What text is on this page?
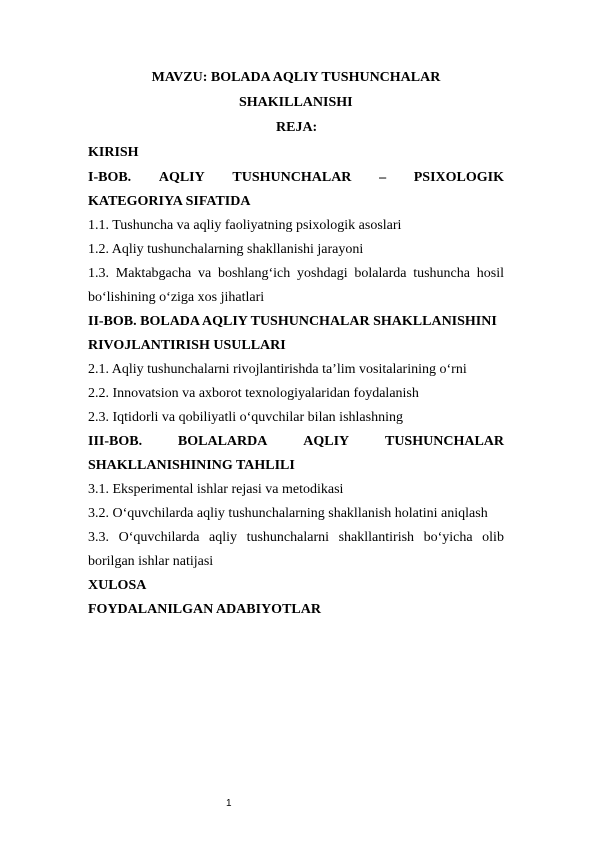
MAVZU: BOLADA AQLIY TUSHUNCHALAR
SHAKILLANISHI
REJA:
KIRISH
I-BOB. AQLIY TUSHUNCHALAR – PSIXOLOGIK
KATEGORIYA SIFATIDA
1.1. Tushuncha va aqliy faoliyatning psixologik asoslari
1.2. Aqliy tushunchalarning shakllanishi jarayoni
1.3. Maktabgacha va boshlang‘ich yoshdagi bolalarda tushuncha hosil
bo‘lishining o‘ziga xos jihatlari
II-BOB. BOLADA AQLIY TUSHUNCHALAR SHAKLLANISHINI
RIVOJLANTIRISH USULLARI
2.1. Aqliy tushunchalarni rivojlantirishda ta’lim vositalarining o‘rni
2.2. Innovatsion va axborot texnologiyalaridan foydalanish
2.3. Iqtidorli va qobiliyatli o‘quvchilar bilan ishlashning
III-BOB.	BOLALARDA	AQLIY	TUSHUNCHALAR
SHAKLLANISHINING TAHLILI
3.1. Eksperimental ishlar rejasi va metodikasi
3.2. O‘quvchilarda aqliy tushunchalarning shakllanish holatini aniqlash
3.3. O‘quvchilarda aqliy tushunchalarni shakllantirish bo‘yicha olib
borilgan ishlar natijasi
XULOSA
FOYDALANILGAN ADABIYOTLAR
1
